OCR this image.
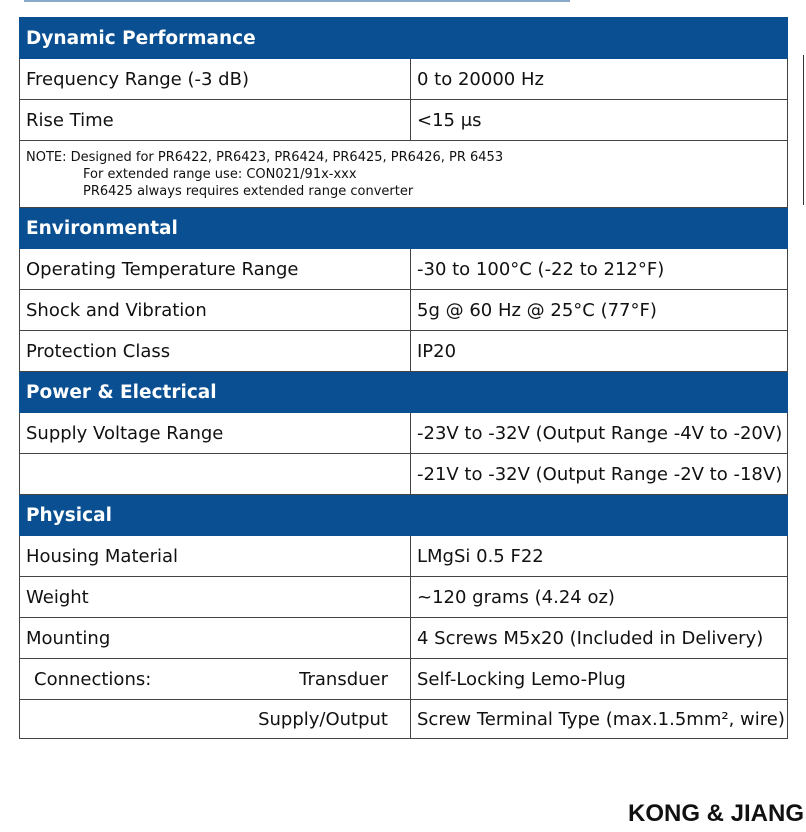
Dynamic Performance	
Frequency Range (-3 dB)	0 to 20000 Hz
Rise Time	<15 μs

NOTE: Designed for PR6422, PR6423, PR6424, PR6425, PR6426, PR 6453
For extended range use: CON021/91x-xxx
PR6425 always requires extended range converter	

Environmental	
Operating Temperature Range	-30 to 100°C (-22 to 212°F)
Shock and Vibration	5g @ 60 Hz @ 25°C (77°F)
Protection Class	IP20
Power & Electrical	
Supply Voltage Range	-23V to -32V (Output Range -4V to -20V)
	-21V to -32V (Output Range -2V to -18V)
Physical	
Housing Material	LMgSi 0.5 F22
Weight	~120 grams (4.24 oz)
Mounting	4 Screws M5x20 (Included in Delivery)

Connections: Transduer	Self-Locking Lemo-Plug

Supply/Output	Screw Terminal Type (max.1.5mm², wire)
KONG & JIANG
